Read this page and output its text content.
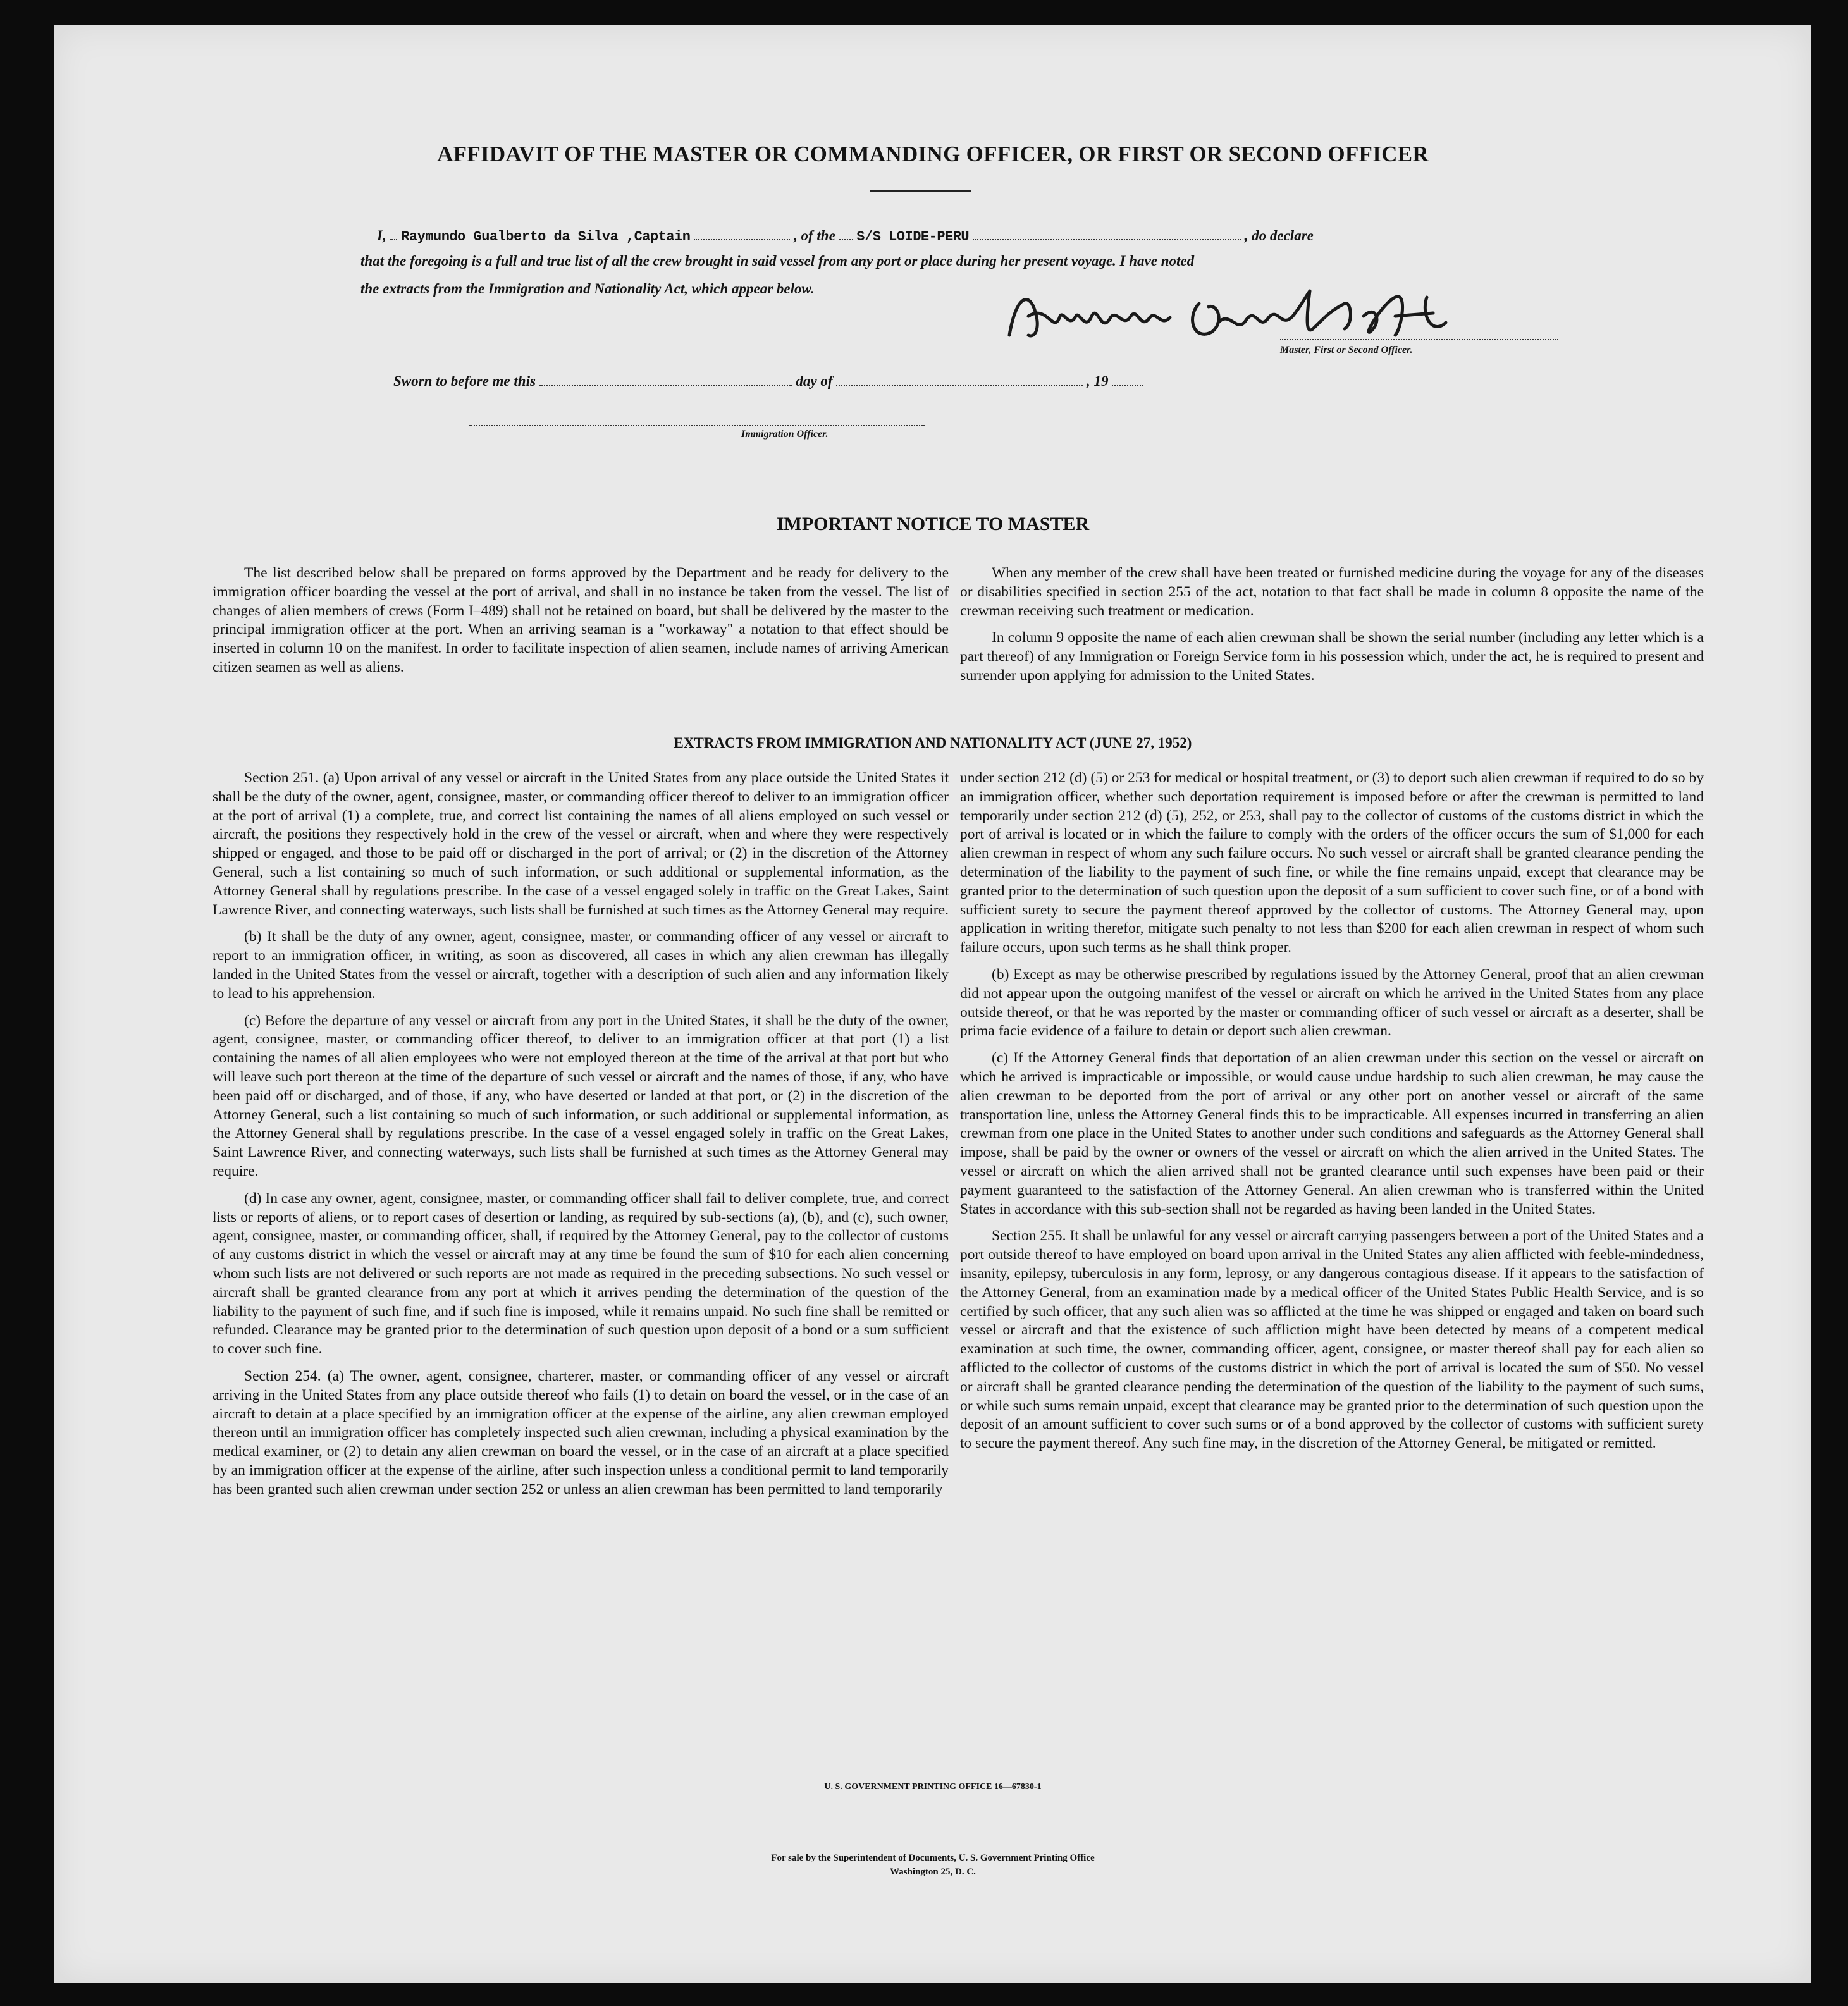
AFFIDAVIT OF THE MASTER OR COMMANDING OFFICER, OR FIRST OR SECOND OFFICER
I, Raymundo Gualberto da Silva ,Captain	, of the S/S LOIDE-PERU	, do declare
that the foregoing is a full and true list of all the crew brought in said vessel from any port or place during her present voyage. I have noted
the extracts from the Immigration and Nationality Act, which appear below.
Master, First or Second Officer.
Sworn to before me this	day of	, 19
Immigration Officer.
IMPORTANT NOTICE TO MASTER

The list described below shall be prepared on forms approved by the Department and be ready for delivery to the immigration officer boarding the vessel at the port of arrival, and shall in no instance be taken from the vessel. The list of changes of alien members of crews (Form I–489) shall not be retained on board, but shall be delivered by the master to the principal immigration officer at the port. When an arriving seaman is a "workaway" a notation to that effect should be inserted in column 10 on the manifest. In order to facilitate inspection of alien seamen, include names of arriving American citizen seamen as well as aliens.

When any member of the crew shall have been treated or furnished medicine during the voyage for any of the diseases or disabilities specified in section 255 of the act, notation to that fact shall be made in column 8 opposite the name of the crewman receiving such treatment or medication.

In column 9 opposite the name of each alien crewman shall be shown the serial number (including any letter which is a part thereof) of any Immigration or Foreign Service form in his possession which, under the act, he is required to present and surrender upon applying for admission to the United States.

EXTRACTS FROM IMMIGRATION AND NATIONALITY ACT (JUNE 27, 1952)

Section 251. (a) Upon arrival of any vessel or aircraft in the United States from any place outside the United States it shall be the duty of the owner, agent, consignee, master, or commanding officer thereof to deliver to an immigration officer at the port of arrival (1) a complete, true, and correct list containing the names of all aliens employed on such vessel or aircraft, the positions they respectively hold in the crew of the vessel or aircraft, when and where they were respectively shipped or engaged, and those to be paid off or discharged in the port of arrival; or (2) in the discretion of the Attorney General, such a list containing so much of such information, or such additional or supplemental information, as the Attorney General shall by regulations prescribe. In the case of a vessel engaged solely in traffic on the Great Lakes, Saint Lawrence River, and connecting waterways, such lists shall be furnished at such times as the Attorney General may require.

(b) It shall be the duty of any owner, agent, consignee, master, or commanding officer of any vessel or aircraft to report to an immigration officer, in writing, as soon as discovered, all cases in which any alien crewman has illegally landed in the United States from the vessel or aircraft, together with a description of such alien and any information likely to lead to his apprehension.

(c) Before the departure of any vessel or aircraft from any port in the United States, it shall be the duty of the owner, agent, consignee, master, or commanding officer thereof, to deliver to an immigration officer at that port (1) a list containing the names of all alien employees who were not employed thereon at the time of the arrival at that port but who will leave such port thereon at the time of the departure of such vessel or aircraft and the names of those, if any, who have been paid off or discharged, and of those, if any, who have deserted or landed at that port, or (2) in the discretion of the Attorney General, such a list containing so much of such information, or such additional or supplemental information, as the Attorney General shall by regulations prescribe. In the case of a vessel engaged solely in traffic on the Great Lakes, Saint Lawrence River, and connecting waterways, such lists shall be furnished at such times as the Attorney General may require.

(d) In case any owner, agent, consignee, master, or commanding officer shall fail to deliver complete, true, and correct lists or reports of aliens, or to report cases of desertion or landing, as required by sub-sections (a), (b), and (c), such owner, agent, consignee, master, or commanding officer, shall, if required by the Attorney General, pay to the collector of customs of any customs district in which the vessel or aircraft may at any time be found the sum of $10 for each alien concerning whom such lists are not delivered or such reports are not made as required in the preceding subsections. No such vessel or aircraft shall be granted clearance from any port at which it arrives pending the determination of the question of the liability to the payment of such fine, and if such fine is imposed, while it remains unpaid. No such fine shall be remitted or refunded. Clearance may be granted prior to the determination of such question upon deposit of a bond or a sum sufficient to cover such fine.

Section 254. (a) The owner, agent, consignee, charterer, master, or commanding officer of any vessel or aircraft arriving in the United States from any place outside thereof who fails (1) to detain on board the vessel, or in the case of an aircraft to detain at a place specified by an immigration officer at the expense of the airline, any alien crewman employed thereon until an immigration officer has completely inspected such alien crewman, including a physical examination by the medical examiner, or (2) to detain any alien crewman on board the vessel, or in the case of an aircraft at a place specified by an immigration officer at the expense of the airline, after such inspection unless a conditional permit to land temporarily has been granted such alien crewman under section 252 or unless an alien crewman has been permitted to land temporarily

under section 212 (d) (5) or 253 for medical or hospital treatment, or (3) to deport such alien crewman if required to do so by an immigration officer, whether such deportation requirement is imposed before or after the crewman is permitted to land temporarily under section 212 (d) (5), 252, or 253, shall pay to the collector of customs of the customs district in which the port of arrival is located or in which the failure to comply with the orders of the officer occurs the sum of $1,000 for each alien crewman in respect of whom any such failure occurs. No such vessel or aircraft shall be granted clearance pending the determination of the liability to the payment of such fine, or while the fine remains unpaid, except that clearance may be granted prior to the determination of such question upon the deposit of a sum sufficient to cover such fine, or of a bond with sufficient surety to secure the payment thereof approved by the collector of customs. The Attorney General may, upon application in writing therefor, mitigate such penalty to not less than $200 for each alien crewman in respect of whom such failure occurs, upon such terms as he shall think proper.

(b) Except as may be otherwise prescribed by regulations issued by the Attorney General, proof that an alien crewman did not appear upon the outgoing manifest of the vessel or aircraft on which he arrived in the United States from any place outside thereof, or that he was reported by the master or commanding officer of such vessel or aircraft as a deserter, shall be prima facie evidence of a failure to detain or deport such alien crewman.

(c) If the Attorney General finds that deportation of an alien crewman under this section on the vessel or aircraft on which he arrived is impracticable or impossible, or would cause undue hardship to such alien crewman, he may cause the alien crewman to be deported from the port of arrival or any other port on another vessel or aircraft of the same transportation line, unless the Attorney General finds this to be impracticable. All expenses incurred in transferring an alien crewman from one place in the United States to another under such conditions and safeguards as the Attorney General shall impose, shall be paid by the owner or owners of the vessel or aircraft on which the alien arrived in the United States. The vessel or aircraft on which the alien arrived shall not be granted clearance until such expenses have been paid or their payment guaranteed to the satisfaction of the Attorney General. An alien crewman who is transferred within the United States in accordance with this sub-section shall not be regarded as having been landed in the United States.

Section 255. It shall be unlawful for any vessel or aircraft carrying passengers between a port of the United States and a port outside thereof to have employed on board upon arrival in the United States any alien afflicted with feeble-mindedness, insanity, epilepsy, tuberculosis in any form, leprosy, or any dangerous contagious disease. If it appears to the satisfaction of the Attorney General, from an examination made by a medical officer of the United States Public Health Service, and is so certified by such officer, that any such alien was so afflicted at the time he was shipped or engaged and taken on board such vessel or aircraft and that the existence of such affliction might have been detected by means of a competent medical examination at such time, the owner, commanding officer, agent, consignee, or master thereof shall pay for each alien so afflicted to the collector of customs of the customs district in which the port of arrival is located the sum of $50. No vessel or aircraft shall be granted clearance pending the determination of the question of the liability to the payment of such sums, or while such sums remain unpaid, except that clearance may be granted prior to the determination of such question upon the deposit of an amount sufficient to cover such sums or of a bond approved by the collector of customs with sufficient surety to secure the payment thereof. Any such fine may, in the discretion of the Attorney General, be mitigated or remitted.

U. S. GOVERNMENT PRINTING OFFICE 16—67830-1
For sale by the Superintendent of Documents, U. S. Government Printing Office
Washington 25, D. C.
